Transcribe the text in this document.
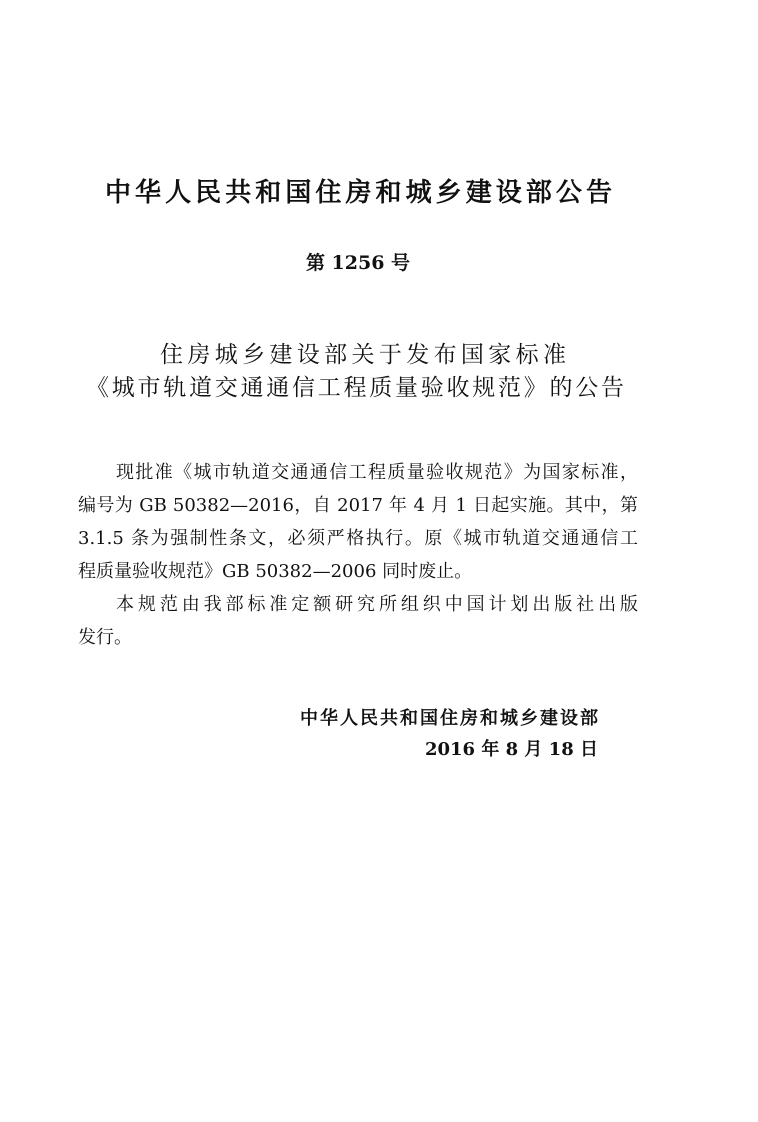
中华人民共和国住房和城乡建设部公告
第 1256 号
住房城乡建设部关于发布国家标准
《城市轨道交通通信工程质量验收规范》的公告
现批准《城市轨道交通通信工程质量验收规范》为国家标准，
编号为 GB 50382—2016，自 2017 年 4 月 1 日起实施。其中，第
3.1.5 条为强制性条文，必须严格执行。原《城市轨道交通通信工
程质量验收规范》GB 50382—2006 同时废止。
本规范由我部标准定额研究所组织中国计划出版社出版
发行。
中华人民共和国住房和城乡建设部
2016 年 8 月 18 日
